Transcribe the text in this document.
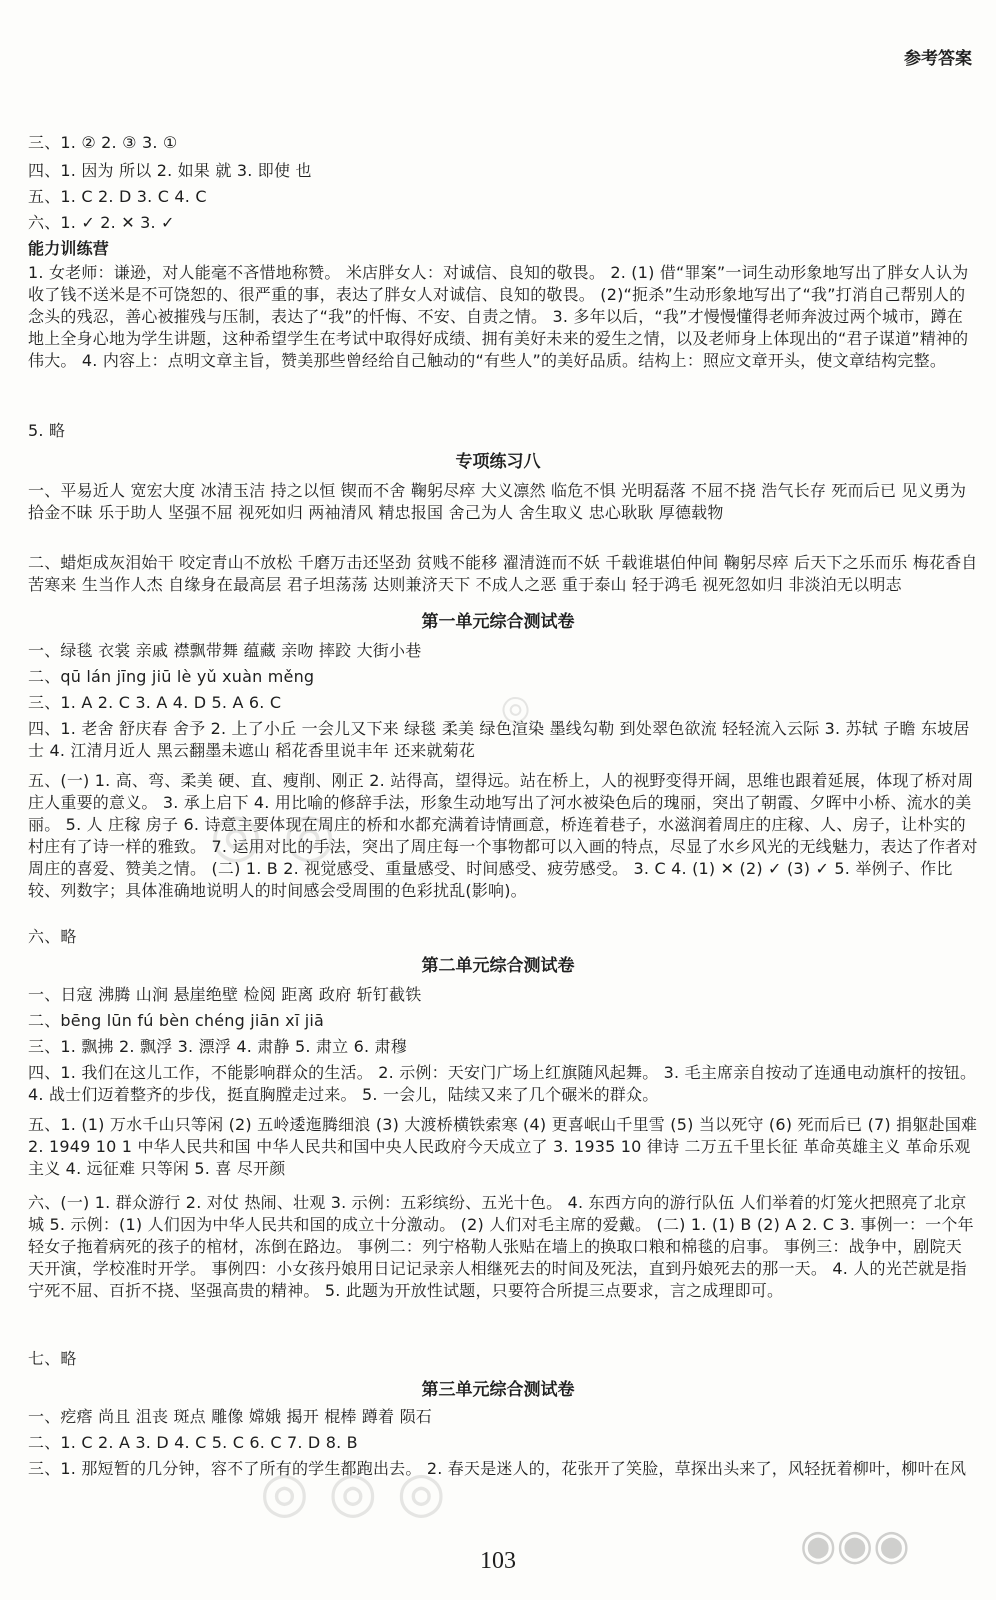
参考答案
三、1. ② 2. ③ 3. ①
四、1. 因为 所以 2. 如果 就 3. 即使 也
五、1. C 2. D 3. C 4. C
六、1. ✓ 2. ✕ 3. ✓
能力训练营
1. 女老师：谦逊，对人能毫不吝惜地称赞。 米店胖女人：对诚信、良知的敬畏。 2. (1) 借“罪案”一词生动形象地写出了胖女人认为收了钱不送米是不可饶恕的、很严重的事，表达了胖女人对诚信、良知的敬畏。 (2)“扼杀”生动形象地写出了“我”打消自己帮别人的念头的残忍，善心被摧残与压制，表达了“我”的忏悔、不安、自责之情。 3. 多年以后，“我”才慢慢懂得老师奔波过两个城市，蹲在地上全身心地为学生讲题，这种希望学生在考试中取得好成绩、拥有美好未来的爱生之情，以及老师身上体现出的“君子谋道”精神的伟大。 4. 内容上：点明文章主旨，赞美那些曾经给自己触动的“有些人”的美好品质。结构上：照应文章开头，使文章结构完整。
5. 略
专项练习八
一、平易近人 宽宏大度 冰清玉洁 持之以恒 锲而不舍 鞠躬尽瘁 大义凛然 临危不惧 光明磊落 不屈不挠 浩气长存 死而后已 见义勇为 拾金不昧 乐于助人 坚强不屈 视死如归 两袖清风 精忠报国 舍己为人 舍生取义 忠心耿耿 厚德载物
二、蜡炬成灰泪始干 咬定青山不放松 千磨万击还坚劲 贫贱不能移 濯清涟而不妖 千载谁堪伯仲间 鞠躬尽瘁 后天下之乐而乐 梅花香自苦寒来 生当作人杰 自缘身在最高层 君子坦荡荡 达则兼济天下 不成人之恶 重于泰山 轻于鸿毛 视死忽如归 非淡泊无以明志
第一单元综合测试卷
一、绿毯 衣裳 亲戚 襟飘带舞 蕴藏 亲吻 摔跤 大街小巷
二、qū lán jīng jiū lè yǔ xuàn měng
三、1. A 2. C 3. A 4. D 5. A 6. C
四、1. 老舍 舒庆春 舍予 2. 上了小丘 一会儿又下来 绿毯 柔美 绿色渲染 墨线勾勒 到处翠色欲流 轻轻流入云际 3. 苏轼 子瞻 东坡居士 4. 江清月近人 黑云翻墨未遮山 稻花香里说丰年 还来就菊花
五、(一) 1. 高、弯、柔美 硬、直、瘦削、刚正 2. 站得高，望得远。站在桥上，人的视野变得开阔，思维也跟着延展，体现了桥对周庄人重要的意义。 3. 承上启下 4. 用比喻的修辞手法，形象生动地写出了河水被染色后的瑰丽，突出了朝霞、夕晖中小桥、流水的美丽。 5. 人 庄稼 房子 6. 诗意主要体现在周庄的桥和水都充满着诗情画意，桥连着巷子，水滋润着周庄的庄稼、人、房子，让朴实的村庄有了诗一样的雅致。 7. 运用对比的手法，突出了周庄每一个事物都可以入画的特点，尽显了水乡风光的无线魅力，表达了作者对周庄的喜爱、赞美之情。 (二) 1. B 2. 视觉感受、重量感受、时间感受、疲劳感受。 3. C 4. (1) ✕ (2) ✓ (3) ✓ 5. 举例子、作比较、列数字；具体准确地说明人的时间感会受周围的色彩扰乱(影响)。
六、略
第二单元综合测试卷
一、日寇 沸腾 山涧 悬崖绝壁 检阅 距离 政府 斩钉截铁
二、bēng lūn fú bèn chéng jiān xī jiā
三、1. 飘拂 2. 飘浮 3. 漂浮 4. 肃静 5. 肃立 6. 肃穆
四、1. 我们在这儿工作，不能影响群众的生活。 2. 示例：天安门广场上红旗随风起舞。 3. 毛主席亲自按动了连通电动旗杆的按钮。 4. 战士们迈着整齐的步伐，挺直胸膛走过来。 5. 一会儿，陆续又来了几个碾米的群众。
五、1. (1) 万水千山只等闲 (2) 五岭逶迤腾细浪 (3) 大渡桥横铁索寒 (4) 更喜岷山千里雪 (5) 当以死守 (6) 死而后已 (7) 捐躯赴国难 2. 1949 10 1 中华人民共和国 中华人民共和国中央人民政府今天成立了 3. 1935 10 律诗 二万五千里长征 革命英雄主义 革命乐观主义 4. 远征难 只等闲 5. 喜 尽开颜
六、(一) 1. 群众游行 2. 对仗 热闹、壮观 3. 示例：五彩缤纷、五光十色。 4. 东西方向的游行队伍 人们举着的灯笼火把照亮了北京城 5. 示例：(1) 人们因为中华人民共和国的成立十分激动。 (2) 人们对毛主席的爱戴。 (二) 1. (1) B (2) A 2. C 3. 事例一：一个年轻女子拖着病死的孩子的棺材，冻倒在路边。 事例二：列宁格勒人张贴在墙上的换取口粮和棉毯的启事。 事例三：战争中，剧院天天开演，学校准时开学。 事例四：小女孩丹娘用日记记录亲人相继死去的时间及死法，直到丹娘死去的那一天。 4. 人的光芒就是指宁死不屈、百折不挠、坚强高贵的精神。 5. 此题为开放性试题，只要符合所提三点要求，言之成理即可。
七、略
第三单元综合测试卷
一、疙瘩 尚且 沮丧 斑点 雕像 嫦娥 揭开 棍棒 蹲着 陨石
二、1. C 2. A 3. D 4. C 5. C 6. C 7. D 8. B
三、1. 那短暂的几分钟，容不了所有的学生都跑出去。 2. 春天是迷人的，花张开了笑脸，草探出头来了，风轻抚着柳叶，柳叶在风
◎
◎ ◎
◎ ◎ ◎
◉◉◉
103
